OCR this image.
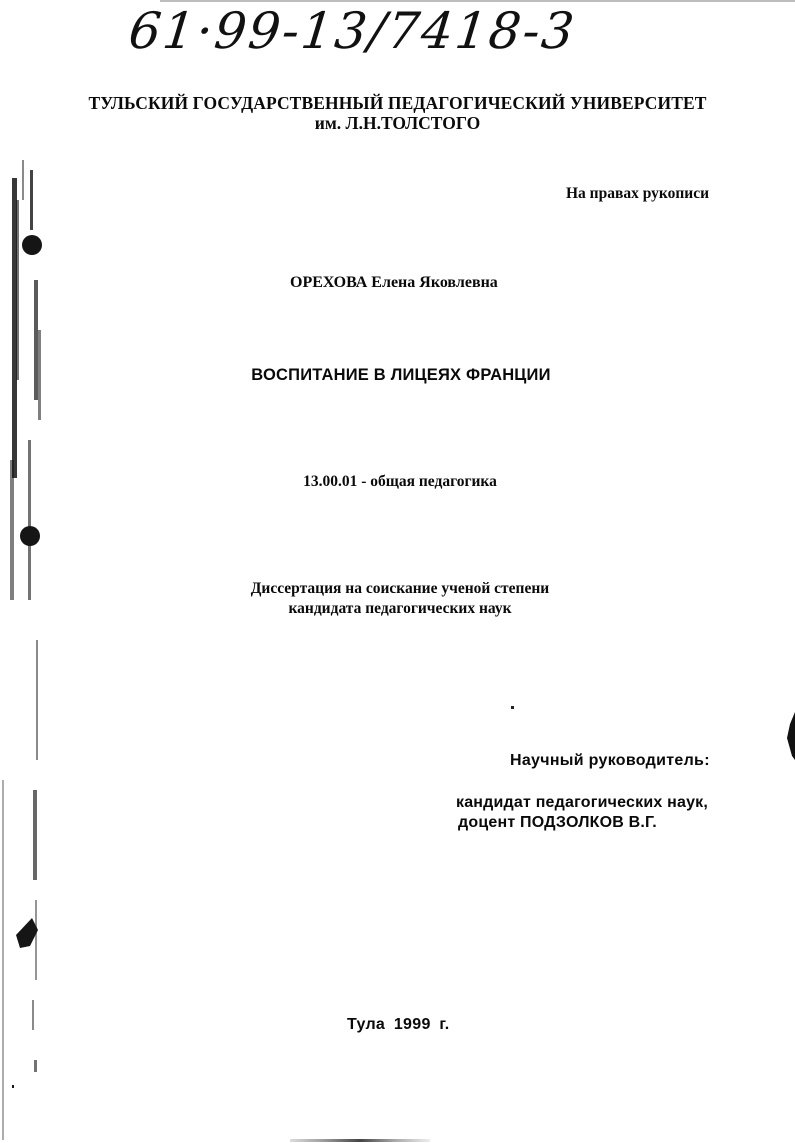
61·99-13/7418-3
ТУЛЬСКИЙ ГОСУДАРСТВЕННЫЙ ПЕДАГОГИЧЕСКИЙ УНИВЕРСИТЕТ
им. Л.Н.ТОЛСТОГО
На правах рукописи
ОРЕХОВА Елена Яковлевна
ВОСПИТАНИЕ В ЛИЦЕЯХ ФРАНЦИИ
13.00.01 - общая педагогика
Диссертация на соискание ученой степени
кандидата педагогических наук
Научный руководитель:
кандидат педагогических наук,
доцент ПОДЗОЛКОВ В.Г.
Тула 1999 г.
